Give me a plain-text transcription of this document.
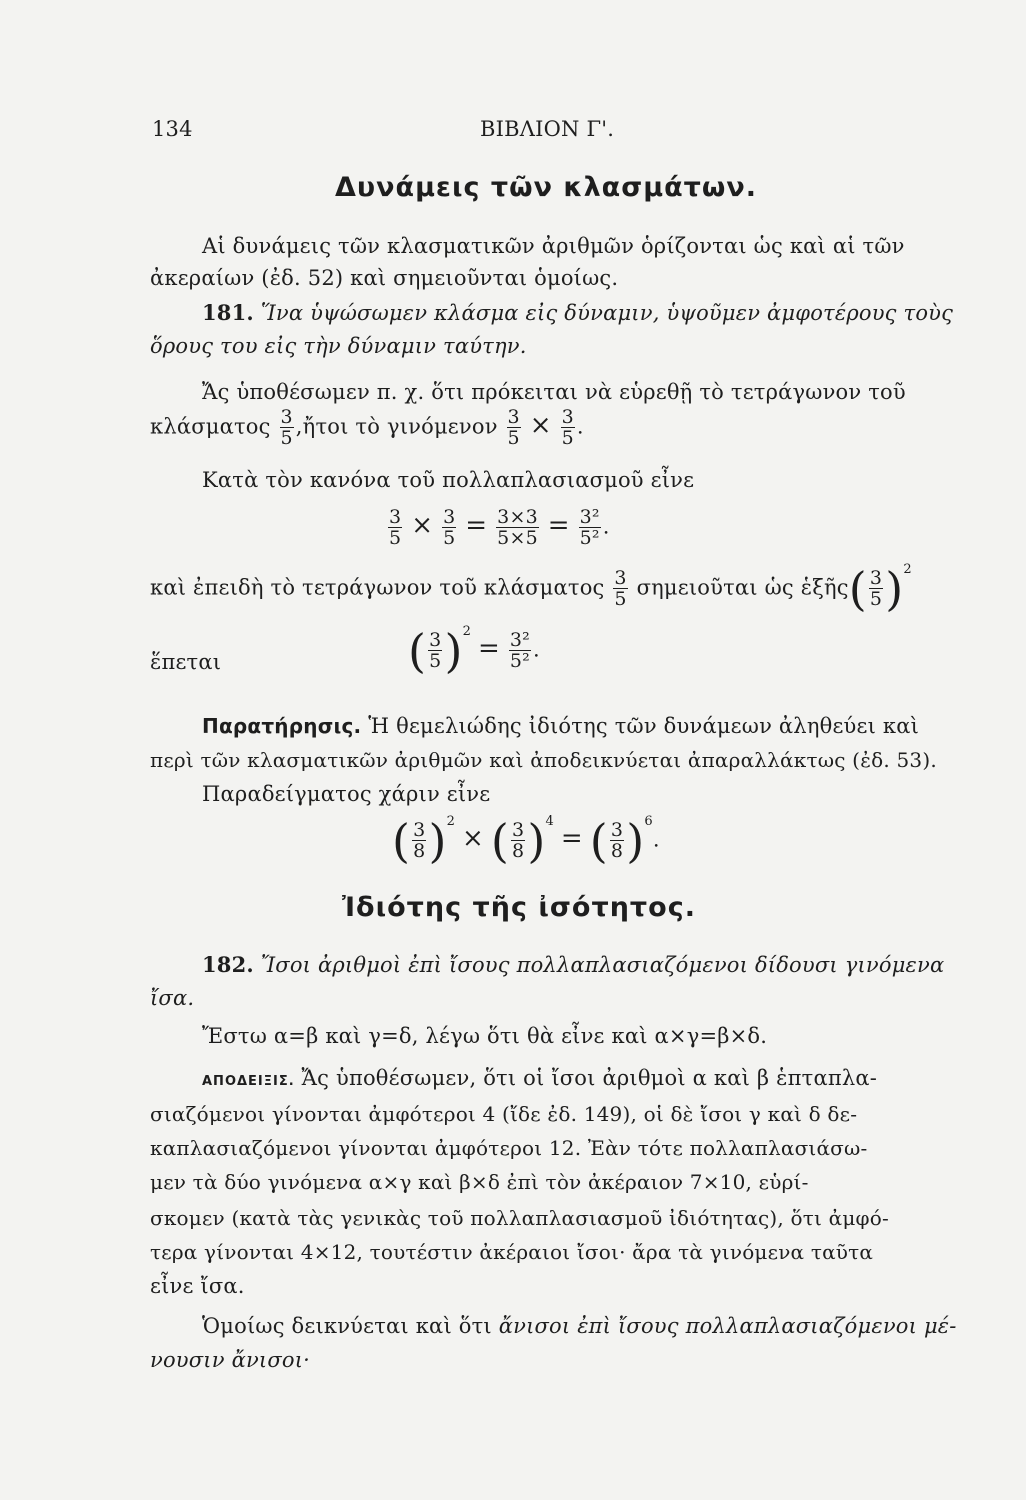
134	ΒΙΒΛΙΟΝ Γ'.
Δυνάμεις τῶν κλασμάτων.
Αἱ δυνάμεις τῶν κλασματικῶν ἀριθμῶν ὁρίζονται ὡς καὶ αἱ τῶν
ἀκεραίων (ἐδ. 52) καὶ σημειοῦνται ὁμοίως.
181. Ἵνα ὑψώσωμεν κλάσμα εἰς δύναμιν, ὑψοῦμεν ἀμφοτέρους τοὺς
ὅρους του εἰς τὴν δύναμιν ταύτην.
Ἄς ὑποθέσωμεν π. χ. ὅτι πρόκειται νὰ εὑρεθῇ τὸ τετράγωνον τοῦ
κλάσματος $\frac{3}{5}$ ,ἤτοι τὸ γινόμενον $\frac{3}{5} \times \frac{3}{5}$ .
Κατὰ τὸν κανόνα τοῦ πολλαπλασιασμοῦ εἶνε
$\frac{3}{5} \times \frac{3}{5} = \frac{3\times 3}{5\times 5} = \frac{\text{3²}}{\text{5²}}$ .
καὶ ἐπειδὴ τὸ τετράγωνον τοῦ κλάσματος $\frac{3}{5}$ σημειοῦται ὡς ἑξῆς( $\frac{3}{5} )^2$
ἕπεται	( $\frac{3}{5} )^2 = \frac{\text{3²}}{\text{5²}}$ .
Παρατήρησις. Ἡ θεμελιώδης ἰδιότης τῶν δυνάμεων ἀληθεύει καὶ
περὶ τῶν κλασματικῶν ἀριθμῶν καὶ ἀποδεικνύεται ἀπαραλλάκτως (ἐδ. 53).
Παραδείγματος χάριν εἶνε
( $\frac{3}{8} )^2$ × ( $\frac{3}{8} )^4$ = ( $\frac{3}{8} )^6$.
Ἰδιότης τῆς ἰσότητος.
182. Ἴσοι ἀριθμοὶ ἐπὶ ἴσους πολλαπλασιαζόμενοι δίδουσι γινόμενα
ἴσα.
Ἔστω α=β καὶ γ=δ, λέγω ὅτι θὰ εἶνε καὶ α×γ=β×δ.
ΑΠΟΔΕΙΞΙΣ. Ἄς ὑποθέσωμεν, ὅτι οἱ ἴσοι ἀριθμοὶ α καὶ β ἑπταπλα-
σιαζόμενοι γίνονται ἀμφότεροι 4 (ἴδε ἐδ. 149), οἱ δὲ ἴσοι γ καὶ δ δε-
καπλασιαζόμενοι γίνονται ἀμφότεροι 12. Ἐὰν τότε πολλαπλασιάσω-
μεν τὰ δύο γινόμενα α×γ καὶ β×δ ἐπὶ τὸν ἀκέραιον 7×10, εὑρί-
σκομεν (κατὰ τὰς γενικὰς τοῦ πολλαπλασιασμοῦ ἰδιότητας), ὅτι ἀμφό-
τερα γίνονται 4×12, τουτέστιν ἀκέραιοι ἴσοι· ἄρα τὰ γινόμενα ταῦτα
εἶνε ἴσα.
Ὁμοίως δεικνύεται καὶ ὅτι ἄνισοι ἐπὶ ἴσους πολλαπλασιαζόμενοι μέ-
νουσιν ἄνισοι·
